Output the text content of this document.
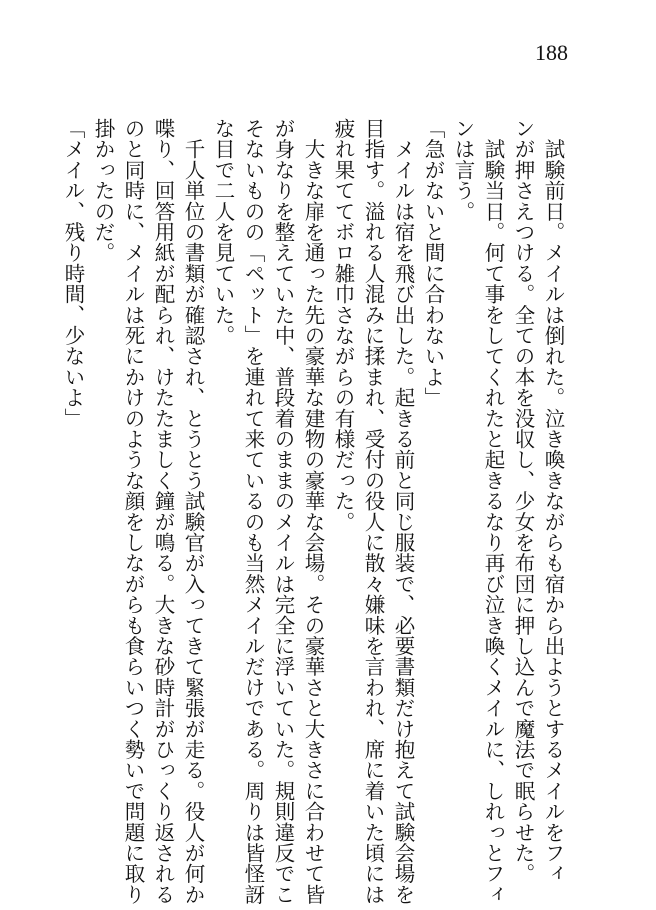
188

試験前日。メイルは倒れた。泣き喚きながらも宿から出ようとするメイルをフィ

ンが押さえつける。全ての本を没収し、少女を布団に押し込んで魔法で眠らせた。

試験当日。何て事をしてくれたと起きるなり再び泣き喚くメイルに、しれっとフィ

ンは言う。

「急がないと間に合わないよ」

メイルは宿を飛び出した。起きる前と同じ服装で、必要書類だけ抱えて試験会場を

目指す。溢れる人混みに揉まれ、受付の役人に散々嫌味を言われ、席に着いた頃には

疲れ果ててボロ雑巾さながらの有様だった。

大きな扉を通った先の豪華な建物の豪華な会場。その豪華さと大きさに合わせて皆

が身なりを整えていた中、普段着のままのメイルは完全に浮いていた。規則違反でこ

そないものの「ペット」を連れて来ているのも当然メイルだけである。周りは皆怪訝

な目で二人を見ていた。

千人単位の書類が確認され、とうとう試験官が入ってきて緊張が走る。役人が何か

喋り、回答用紙が配られ、けたたましく鐘が鳴る。大きな砂時計がひっくり返される

のと同時に、メイルは死にかけのような顔をしながらも食らいつく勢いで問題に取り

掛かったのだ。

「メイル、残り時間、少ないよ」
